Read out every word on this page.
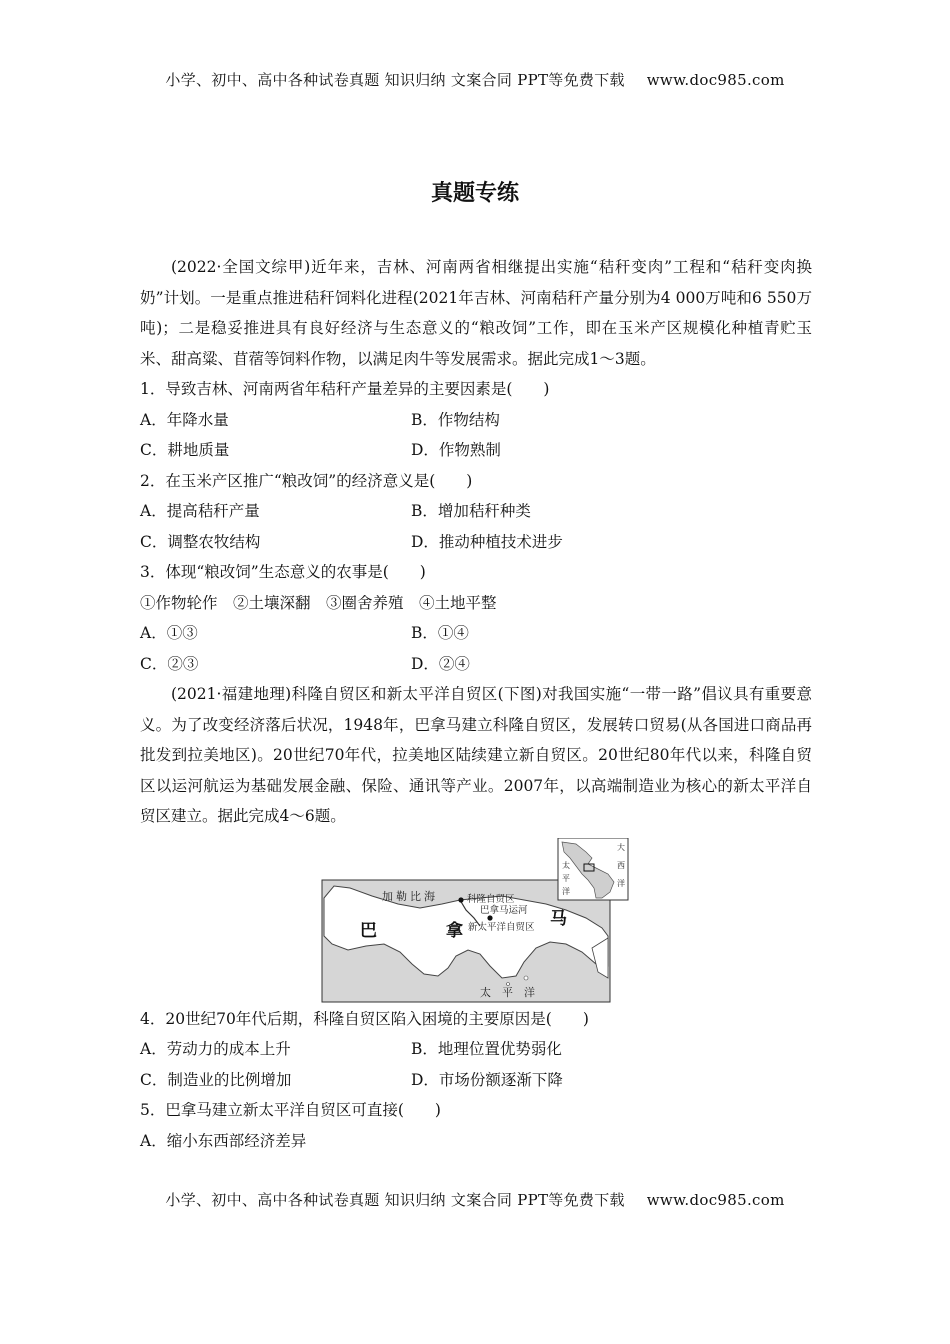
小学、初中、高中各种试卷真题 知识归纳 文案合同 PPT等免费下载 www.doc985.com
真题专练

(2022·全国文综甲)近年来，吉林、河南两省相继提出实施“秸秆变肉”工程和“秸秆变肉换奶”计划。一是重点推进秸秆饲料化进程(2021年吉林、河南秸秆产量分别为4 000万吨和6 550万吨)；二是稳妥推进具有良好经济与生态意义的“粮改饲”工作，即在玉米产区规模化种植青贮玉米、甜高粱、苜蓿等饲料作物，以满足肉牛等发展需求。据此完成1～3题。

1．导致吉林、河南两省年秸秆产量差异的主要因素是(　　)

A．年降水量	B．作物结构
C．耕地质量	D．作物熟制

2．在玉米产区推广“粮改饲”的经济意义是(　　)

A．提高秸秆产量	B．增加秸秆种类
C．调整农牧结构	D．推动种植技术进步

3．体现“粮改饲”生态意义的农事是(　　)

①作物轮作　②土壤深翻　③圈舍养殖　④土地平整

A．①③	B．①④
C．②③	D．②④

(2021·福建地理)科隆自贸区和新太平洋自贸区(下图)对我国实施“一带一路”倡议具有重要意义。为了改变经济落后状况，1948年，巴拿马建立科隆自贸区，发展转口贸易(从各国进口商品再批发到拉美地区)。20世纪70年代，拉美地区陆续建立新自贸区。20世纪80年代以来，科隆自贸区以运河航运为基础发展金融、保险、通讯等产业。2007年，以高端制造业为核心的新太平洋自贸区建立。据此完成4～6题。

加勒比海	科隆自贸区
巴拿马运河
新太平洋自贸区
巴	拿
马
太　平　洋
大
西
洋
太
平
洋

4．20世纪70年代后期，科隆自贸区陷入困境的主要原因是(　　)

A．劳动力的成本上升	B．地理位置优势弱化
C．制造业的比例增加	D．市场份额逐渐下降

5．巴拿马建立新太平洋自贸区可直接(　　)

A．缩小东西部经济差异

小学、初中、高中各种试卷真题 知识归纳 文案合同 PPT等免费下载 www.doc985.com
